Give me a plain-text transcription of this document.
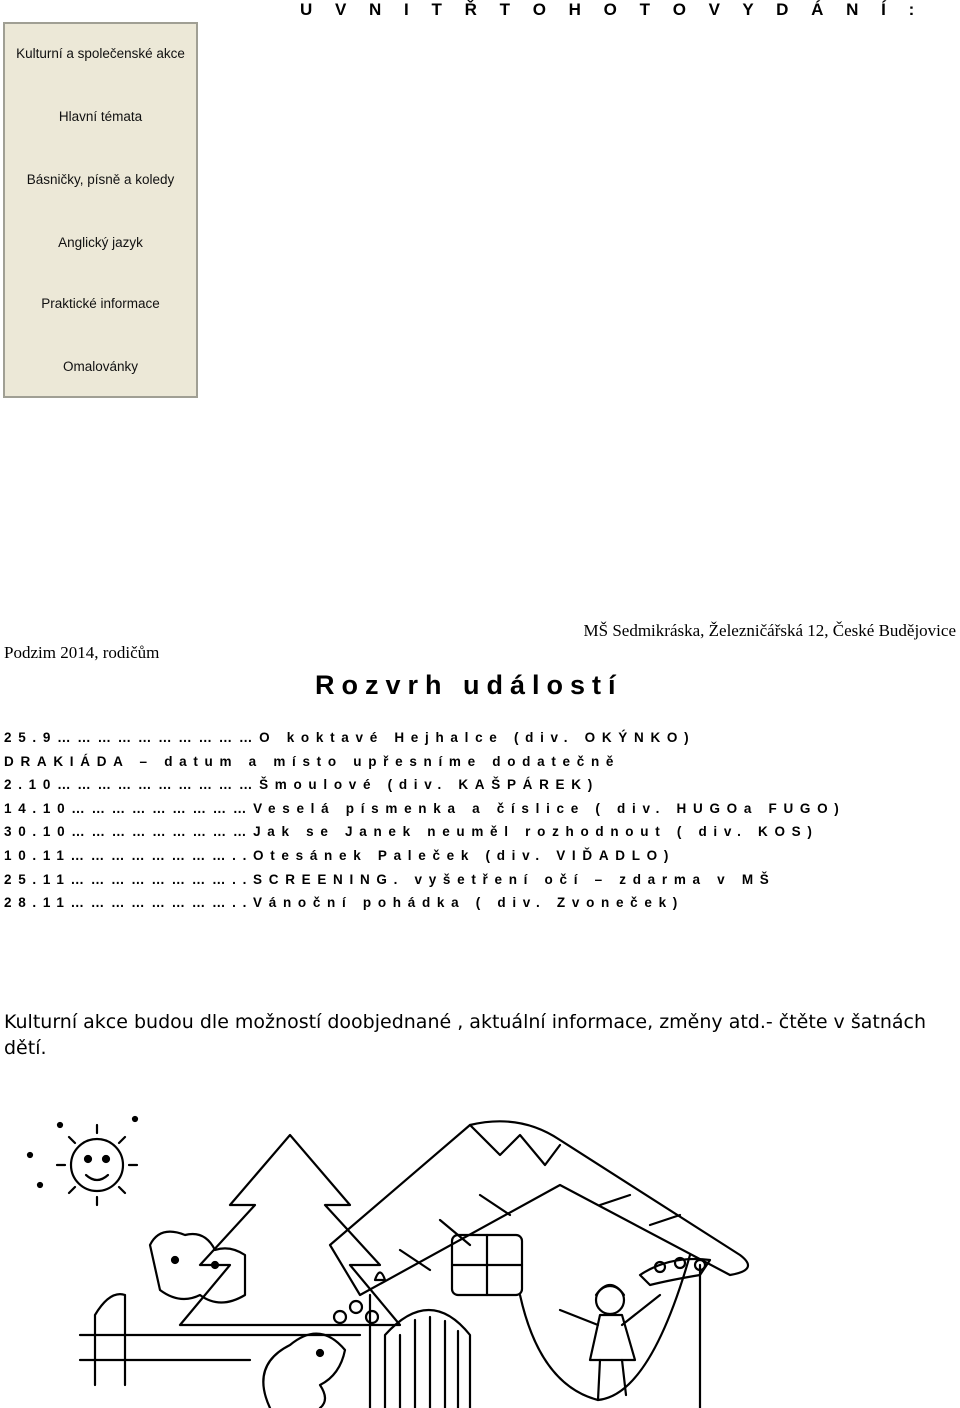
U V N I T Ř T O H O T O V Y D Á N Í :
Kulturní a společenské akce
Hlavní témata
Básničky, písně a koledy
Anglický jazyk
Praktické informace
Omalovánky
Podzim 2014, rodičům
MŠ Sedmikráska, Železničářská 12, České Budějovice
Rozvrh událostí
25.9…………………………O koktavé Hejhalce (div. OKÝNKO)
DRAKIÁDA – datum a místo upřesníme dodatečně
2.10…………………………Šmoulové (div. KAŠPÁREK)
14.10………………………Veselá písmenka a číslice ( div. HUGOa FUGO)
30.10………………………Jak se Janek neuměl rozhodnout ( div. KOS)
10.11……………………..Otesánek Paleček (div. VIĎADLO)
25.11……………………..SCREENING. vyšetření očí – zdarma v MŠ
28.11……………………..Vánoční pohádka ( div. Zvoneček)
Kulturní akce budou dle možností doobjednané , aktuální informace, změny atd.- čtěte v šatnách dětí.
